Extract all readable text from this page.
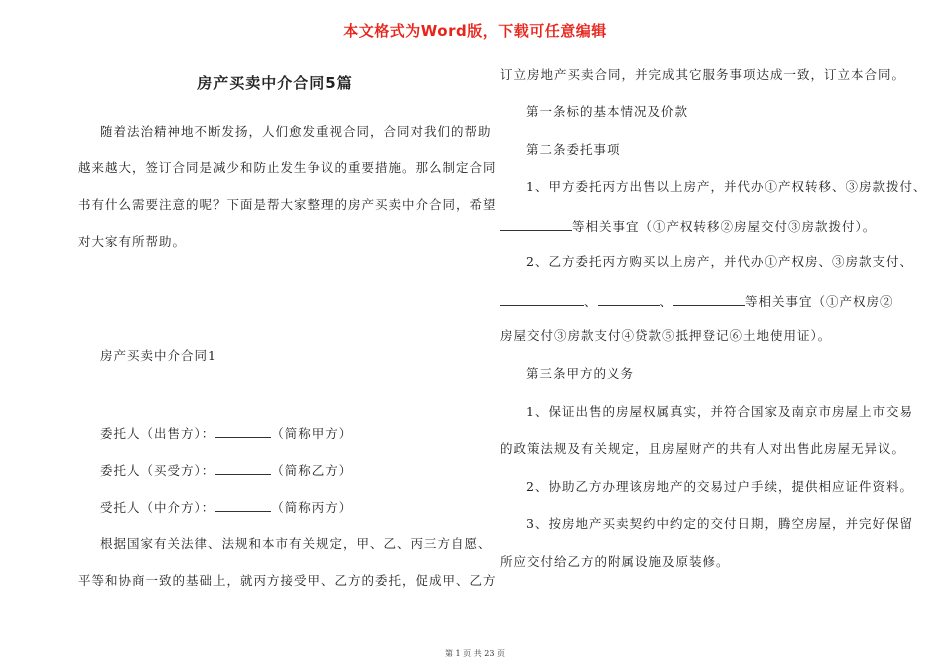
本文格式为Word版，下载可任意编辑
房产买卖中介合同5篇
随着法治精神地不断发扬，人们愈发重视合同，合同对我们的帮助
越来越大，签订合同是减少和防止发生争议的重要措施。那么制定合同
书有什么需要注意的呢？下面是帮大家整理的房产买卖中介合同，希望
对大家有所帮助。
房产买卖中介合同1
委托人（出售方）：	（简称甲方）
委托人（买受方）：	（简称乙方）
受托人（中介方）：	（简称丙方）
根据国家有关法律、法规和本市有关规定，甲、乙、丙三方自愿、
平等和协商一致的基础上，就丙方接受甲、乙方的委托，促成甲、乙方
订立房地产买卖合同，并完成其它服务事项达成一致，订立本合同。
第一条标的基本情况及价款
第二条委托事项
1、甲方委托丙方出售以上房产，并代办①产权转移、③房款拨付、
等相关事宜（①产权转移②房屋交付③房款拨付）。
2、乙方委托丙方购买以上房产，并代办①产权房、③房款支付、
、	、	等相关事宜（①产权房②
房屋交付③房款支付④贷款⑤抵押登记⑥土地使用证）。
第三条甲方的义务
1、保证出售的房屋权属真实，并符合国家及南京市房屋上市交易
的政策法规及有关规定，且房屋财产的共有人对出售此房屋无异议。
2、协助乙方办理该房地产的交易过户手续，提供相应证件资料。
3、按房地产买卖契约中约定的交付日期，腾空房屋，并完好保留
所应交付给乙方的附属设施及原装修。
第 1 页 共 23 页
